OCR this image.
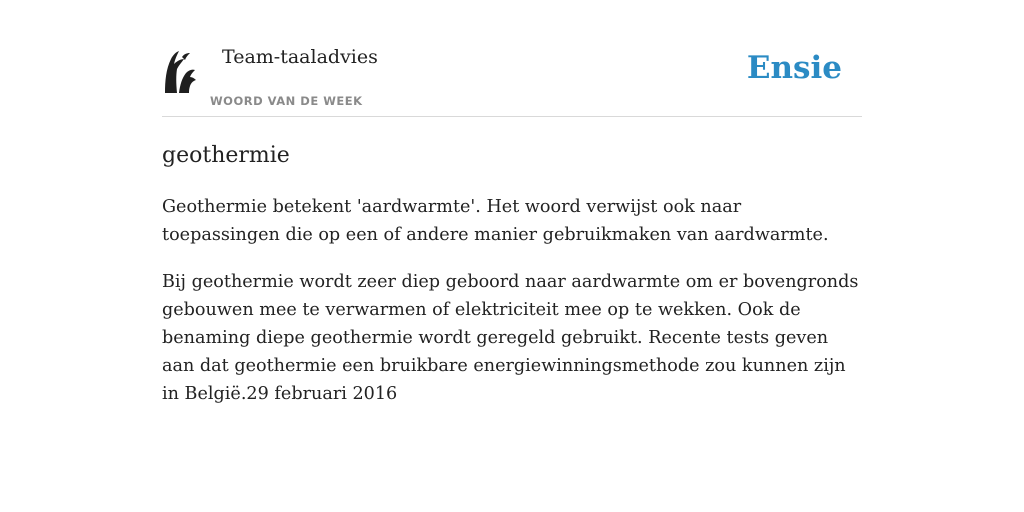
Team-taaladvies
WOORD VAN DE WEEK
Ensie
geothermie

Geothermie betekent 'aardwarmte'. Het woord verwijst ook naar toepassingen die op een of andere manier gebruikmaken van aardwarmte.

Bij geothermie wordt zeer diep geboord naar aardwarmte om er bovengronds gebouwen mee te verwarmen of elektriciteit mee op te wekken. Ook de benaming diepe geothermie wordt geregeld gebruikt. Recente tests geven aan dat geothermie een bruikbare energiewinningsmethode zou kunnen zijn in België.29 februari 2016
